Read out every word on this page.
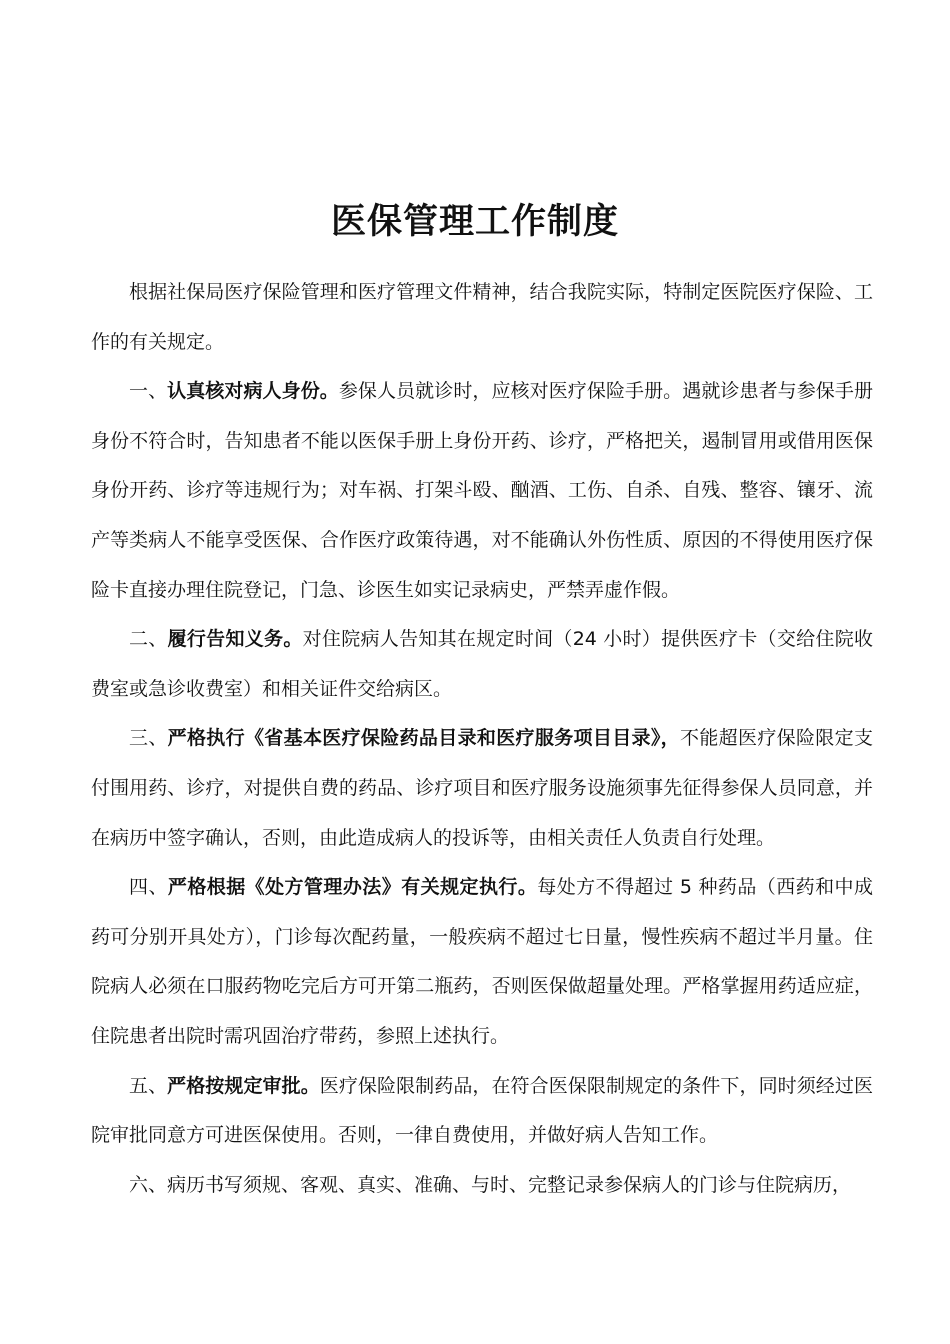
医保管理工作制度

根据社保局医疗保险管理和医疗管理文件精神，结合我院实际，特制定医院医疗保险、工作的有关规定。

一、认真核对病人身份。参保人员就诊时，应核对医疗保险手册。遇就诊患者与参保手册身份不符合时，告知患者不能以医保手册上身份开药、诊疗，严格把关，遏制冒用或借用医保身份开药、诊疗等违规行为；对车祸、打架斗殴、酗酒、工伤、自杀、自残、整容、镶牙、流产等类病人不能享受医保、合作医疗政策待遇，对不能确认外伤性质、原因的不得使用医疗保险卡直接办理住院登记，门急、诊医生如实记录病史，严禁弄虚作假。

二、履行告知义务。对住院病人告知其在规定时间（24 小时）提供医疗卡（交给住院收费室或急诊收费室）和相关证件交给病区。

三、严格执行《省基本医疗保险药品目录和医疗服务项目目录》，不能超医疗保险限定支付围用药、诊疗，对提供自费的药品、诊疗项目和医疗服务设施须事先征得参保人员同意，并在病历中签字确认，否则，由此造成病人的投诉等，由相关责任人负责自行处理。

四、严格根据《处方管理办法》有关规定执行。每处方不得超过 5 种药品（西药和中成药可分别开具处方），门诊每次配药量，一般疾病不超过七日量，慢性疾病不超过半月量。住院病人必须在口服药物吃完后方可开第二瓶药，否则医保做超量处理。严格掌握用药适应症，住院患者出院时需巩固治疗带药，参照上述执行。

五、严格按规定审批。医疗保险限制药品，在符合医保限制规定的条件下，同时须经过医院审批同意方可进医保使用。否则，一律自费使用，并做好病人告知工作。

六、病历书写须规、客观、真实、准确、与时、完整记录参保病人的门诊与住院病历，
